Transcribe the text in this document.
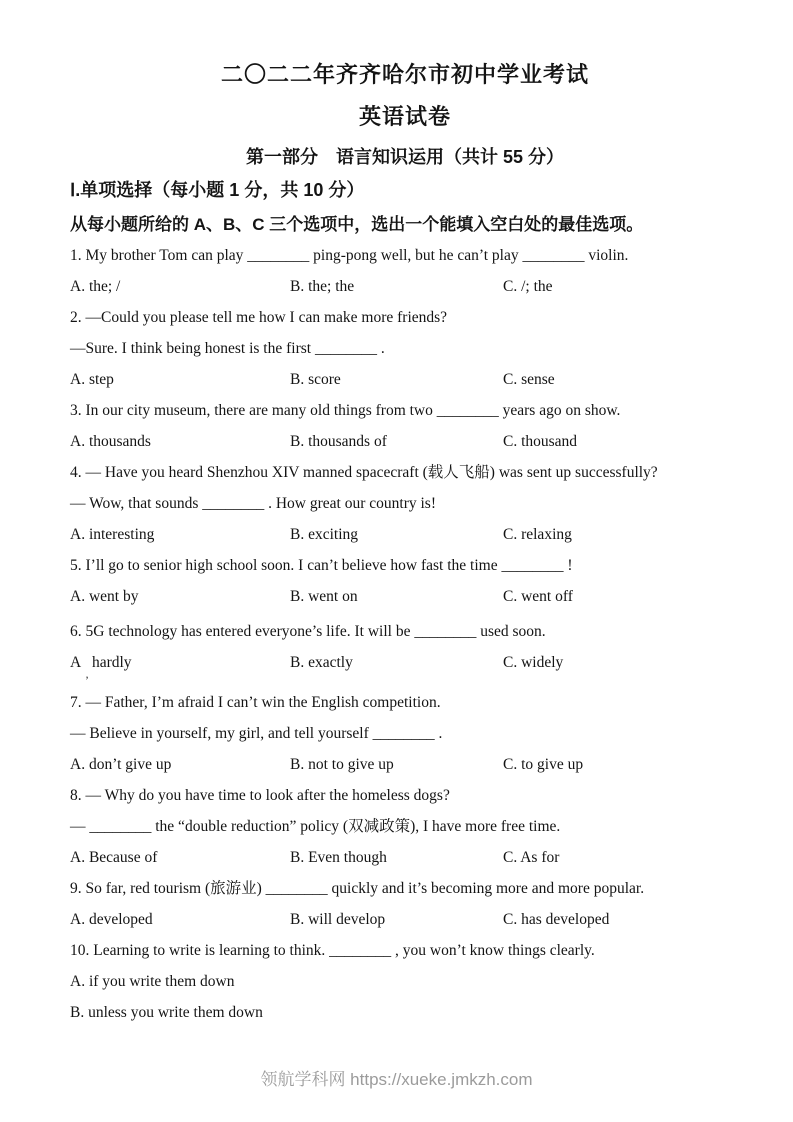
二〇二二年齐齐哈尔市初中学业考试
英语试卷
第一部分　语言知识运用（共计 55 分）
Ⅰ.单项选择（每小题 1 分，共 10 分）
从每小题所给的 A、B、C 三个选项中，选出一个能填入空白处的最佳选项。
1. My brother Tom can play ________ ping-pong well, but he can’t play ________ violin.
A. the; /	B. the; the	C. /; the
2. —Could you please tell me how I can make more friends?
—Sure. I think being honest is the first ________ .
A. step	B. score	C. sense
3. In our city museum, there are many old things from two ________ years ago on show.
A. thousands	B. thousands of	C. thousand
4. — Have you heard Shenzhou XIV manned spacecraft (载人飞船) was sent up successfully?
— Wow, that sounds ________ . How great our country is!
A. interesting	B. exciting	C. relaxing
5. I’ll go to senior high school soon. I can’t believe how fast the time ________ !
A. went by	B. went on	C. went off
6. 5G technology has entered everyone’s life. It will be ________ used soon.
A   hardly	B. exactly	C. widely
’
7. — Father, I’m afraid I can’t win the English competition.
— Believe in yourself, my girl, and tell yourself ________ .
A. don’t give up	B. not to give up	C. to give up
8. — Why do you have time to look after the homeless dogs?
— ________ the “double reduction” policy (双减政策), I have more free time.
A. Because of	B. Even though	C. As for
9. So far, red tourism (旅游业) ________ quickly and it’s becoming more and more popular.
A. developed	B. will develop	C. has developed
10. Learning to write is learning to think. ________ , you won’t know things clearly.
A. if you write them down
B. unless you write them down
领航学科网 https://xueke.jmkzh.com
